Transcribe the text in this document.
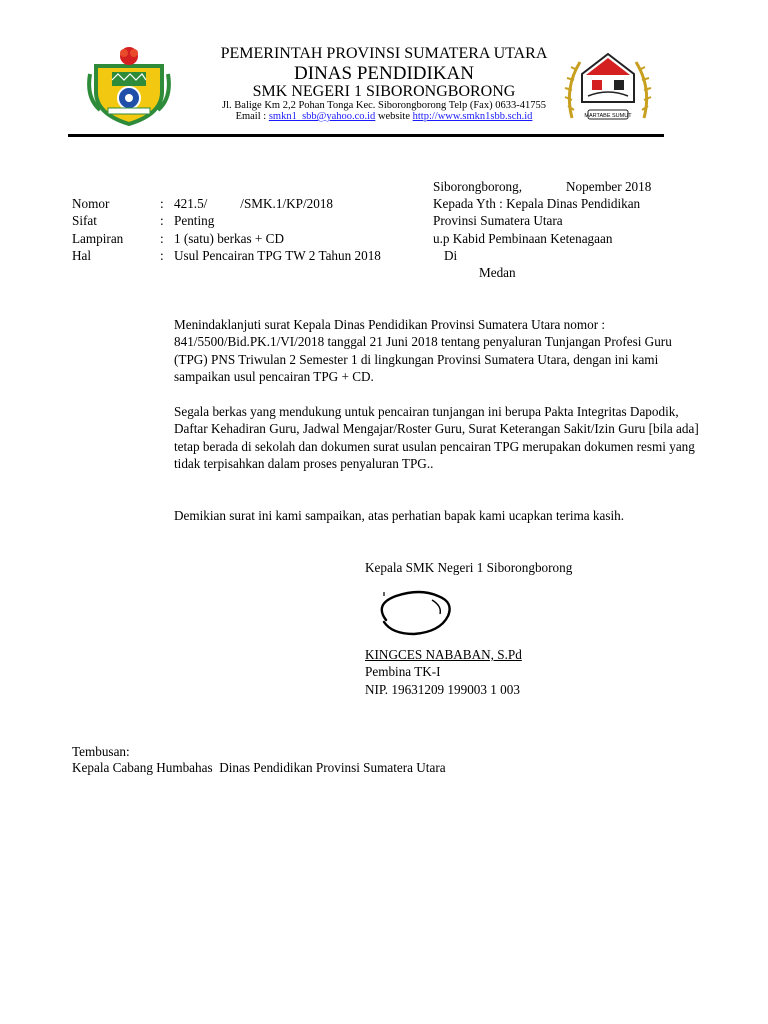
PEMERINTAH PROVINSI SUMATERA UTARA
DINAS PENDIDIKAN
SMK NEGERI 1 SIBORONGBORONG
Jl. Balige Km 2,2 Pohan Tonga Kec. Siborongborong Telp (Fax) 0633-41755
Email : smkn1_sbb@yahoo.co.id website http://www.smkn1sbb.sch.id	MARTABE SUMUT
Siborongborong,	Nopember 2018
Nomor	: 421.5/          /SMK.1/KP/2018
Sifat	: Penting
Lampiran	: 1 (satu) berkas + CD
Hal	: Usul Pencairan TPG TW 2 Tahun 2018
Kepada Yth : Kepala Dinas Pendidikan
Provinsi Sumatera Utara
u.p Kabid Pembinaan Ketenagaan
Di
Medan
Menindaklanjuti surat Kepala Dinas Pendidikan Provinsi Sumatera Utara nomor : 841/5500/Bid.PK.1/VI/2018 tanggal 21 Juni 2018 tentang penyaluran Tunjangan Profesi Guru (TPG) PNS Triwulan 2 Semester 1 di lingkungan Provinsi Sumatera Utara, dengan ini kami sampaikan usul pencairan TPG + CD.
Segala berkas yang mendukung untuk pencairan tunjangan ini berupa Pakta Integritas Dapodik, Daftar Kehadiran Guru, Jadwal Mengajar/Roster Guru, Surat Keterangan Sakit/Izin Guru [bila ada] tetap berada di sekolah dan dokumen surat usulan pencairan TPG merupakan dokumen resmi yang tidak terpisahkan dalam proses penyaluran TPG..
Demikian surat ini kami sampaikan, atas perhatian bapak kami ucapkan terima kasih.
Kepala SMK Negeri 1 Siborongborong
KINGCES NABABAN, S.Pd
Pembina TK-I
NIP. 19631209 199003 1 003
Tembusan:
Kepala Cabang Humbahas  Dinas Pendidikan Provinsi Sumatera Utara
